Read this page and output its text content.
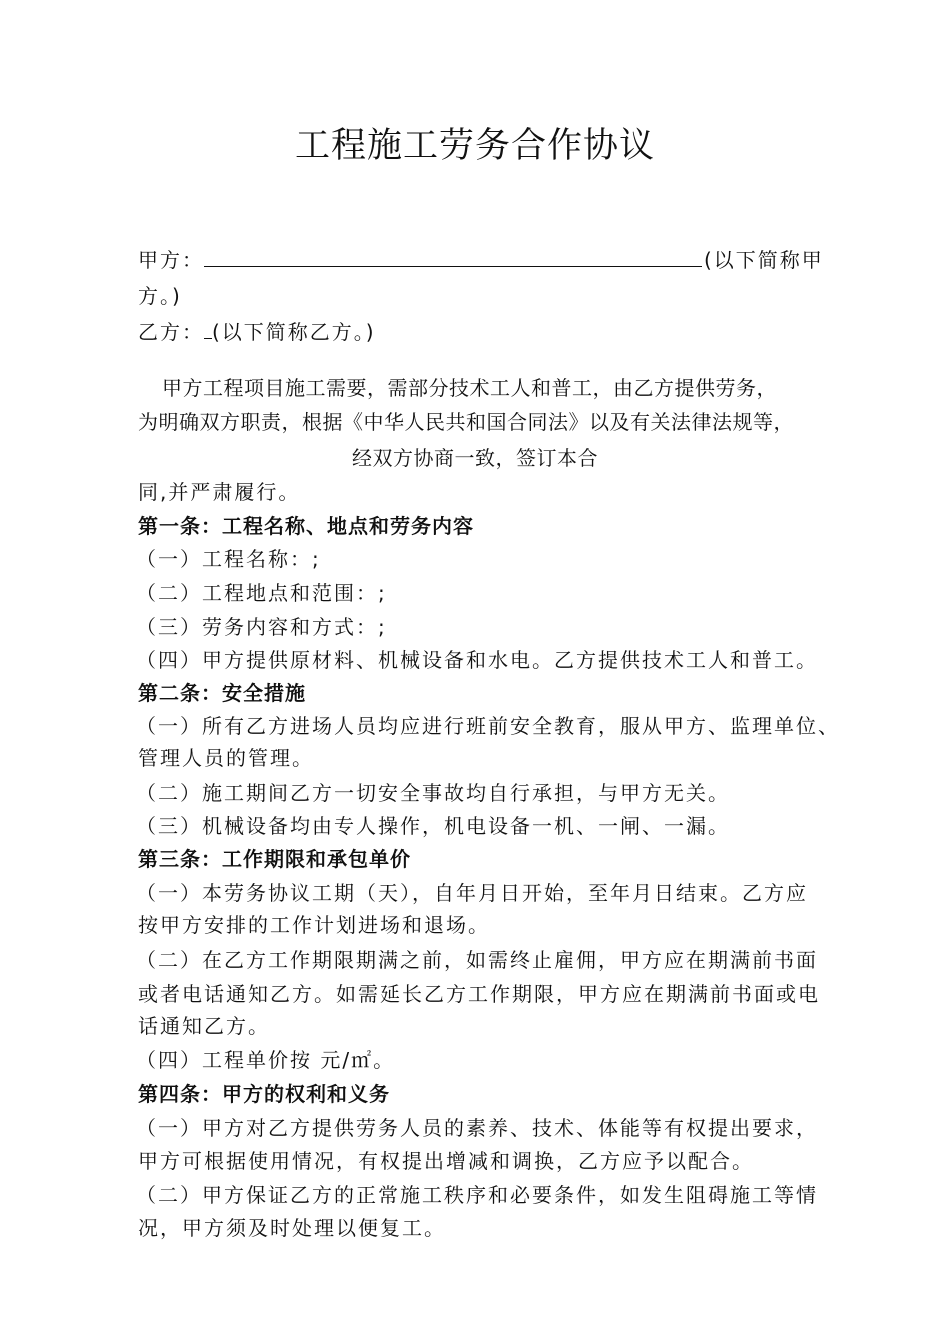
工程施工劳务合作协议
甲方：	(以下简称甲
方。)
乙方： (以下简称乙方。)
甲方工程项目施工需要，需部分技术工人和普工，由乙方提供劳务，
为明确双方职责，根据《中华人民共和国合同法》以及有关法律法规等，
经双方协商一致，签订本合
同,并严肃履行。
第一条：工程名称、地点和劳务内容
（一）工程名称：;
（二）工程地点和范围：;
（三）劳务内容和方式：;
（四）甲方提供原材料、机械设备和水电。乙方提供技术工人和普工。
第二条：安全措施
（一）所有乙方进场人员均应进行班前安全教育，服从甲方、监理单位、
管理人员的管理。
（二）施工期间乙方一切安全事故均自行承担，与甲方无关。
（三）机械设备均由专人操作，机电设备一机、一闸、一漏。
第三条：工作期限和承包单价
（一）本劳务协议工期（天），自年月日开始，至年月日结束。乙方应
按甲方安排的工作计划进场和退场。
（二）在乙方工作期限期满之前，如需终止雇佣，甲方应在期满前书面
或者电话通知乙方。如需延长乙方工作期限，甲方应在期满前书面或电
话通知乙方。
（四）工程单价按 元/㎡。
第四条：甲方的权利和义务
（一）甲方对乙方提供劳务人员的素养、技术、体能等有权提出要求，
甲方可根据使用情况，有权提出增减和调换，乙方应予以配合。
（二）甲方保证乙方的正常施工秩序和必要条件，如发生阻碍施工等情
况，甲方须及时处理以便复工。
